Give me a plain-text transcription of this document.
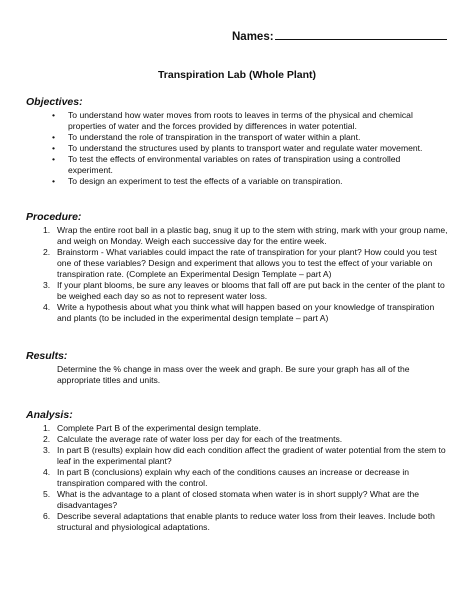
Names:
Transpiration Lab (Whole Plant)
Objectives:
• To understand how water moves from roots to leaves in terms of the physical and chemical properties of water and the forces provided by differences in water potential.
• To understand the role of transpiration in the transport of water within a plant.
• To understand the structures used by plants to transport water and regulate water movement.
• To test the effects of environmental variables on rates of transpiration using a controlled experiment.
• To design an experiment to test the effects of a variable on transpiration.
Procedure:
1. Wrap the entire root ball in a plastic bag, snug it up to the stem with string, mark with your group name, and weigh on Monday. Weigh each successive day for the entire week.
2. Brainstorm - What variables could impact the rate of transpiration for your plant? How could you test one of these variables? Design and experiment that allows you to test the effect of your variable on transpiration rate. (Complete an Experimental Design Template – part A)
3. If your plant blooms, be sure any leaves or blooms that fall off are put back in the center of the plant to be weighed each day so as not to represent water loss.
4. Write a hypothesis about what you think what will happen based on your knowledge of transpiration and plants (to be included in the experimental design template – part A)
Results:
Determine the % change in mass over the week and graph. Be sure your graph has all of the appropriate titles and units.
Analysis:
1. Complete Part B of the experimental design template.
2. Calculate the average rate of water loss per day for each of the treatments.
3. In part B (results) explain how did each condition affect the gradient of water potential from the stem to leaf in the experimental plant?
4. In part B (conclusions) explain why each of the conditions causes an increase or decrease in transpiration compared with the control.
5. What is the advantage to a plant of closed stomata when water is in short supply? What are the disadvantages?
6. Describe several adaptations that enable plants to reduce water loss from their leaves. Include both structural and physiological adaptations.
